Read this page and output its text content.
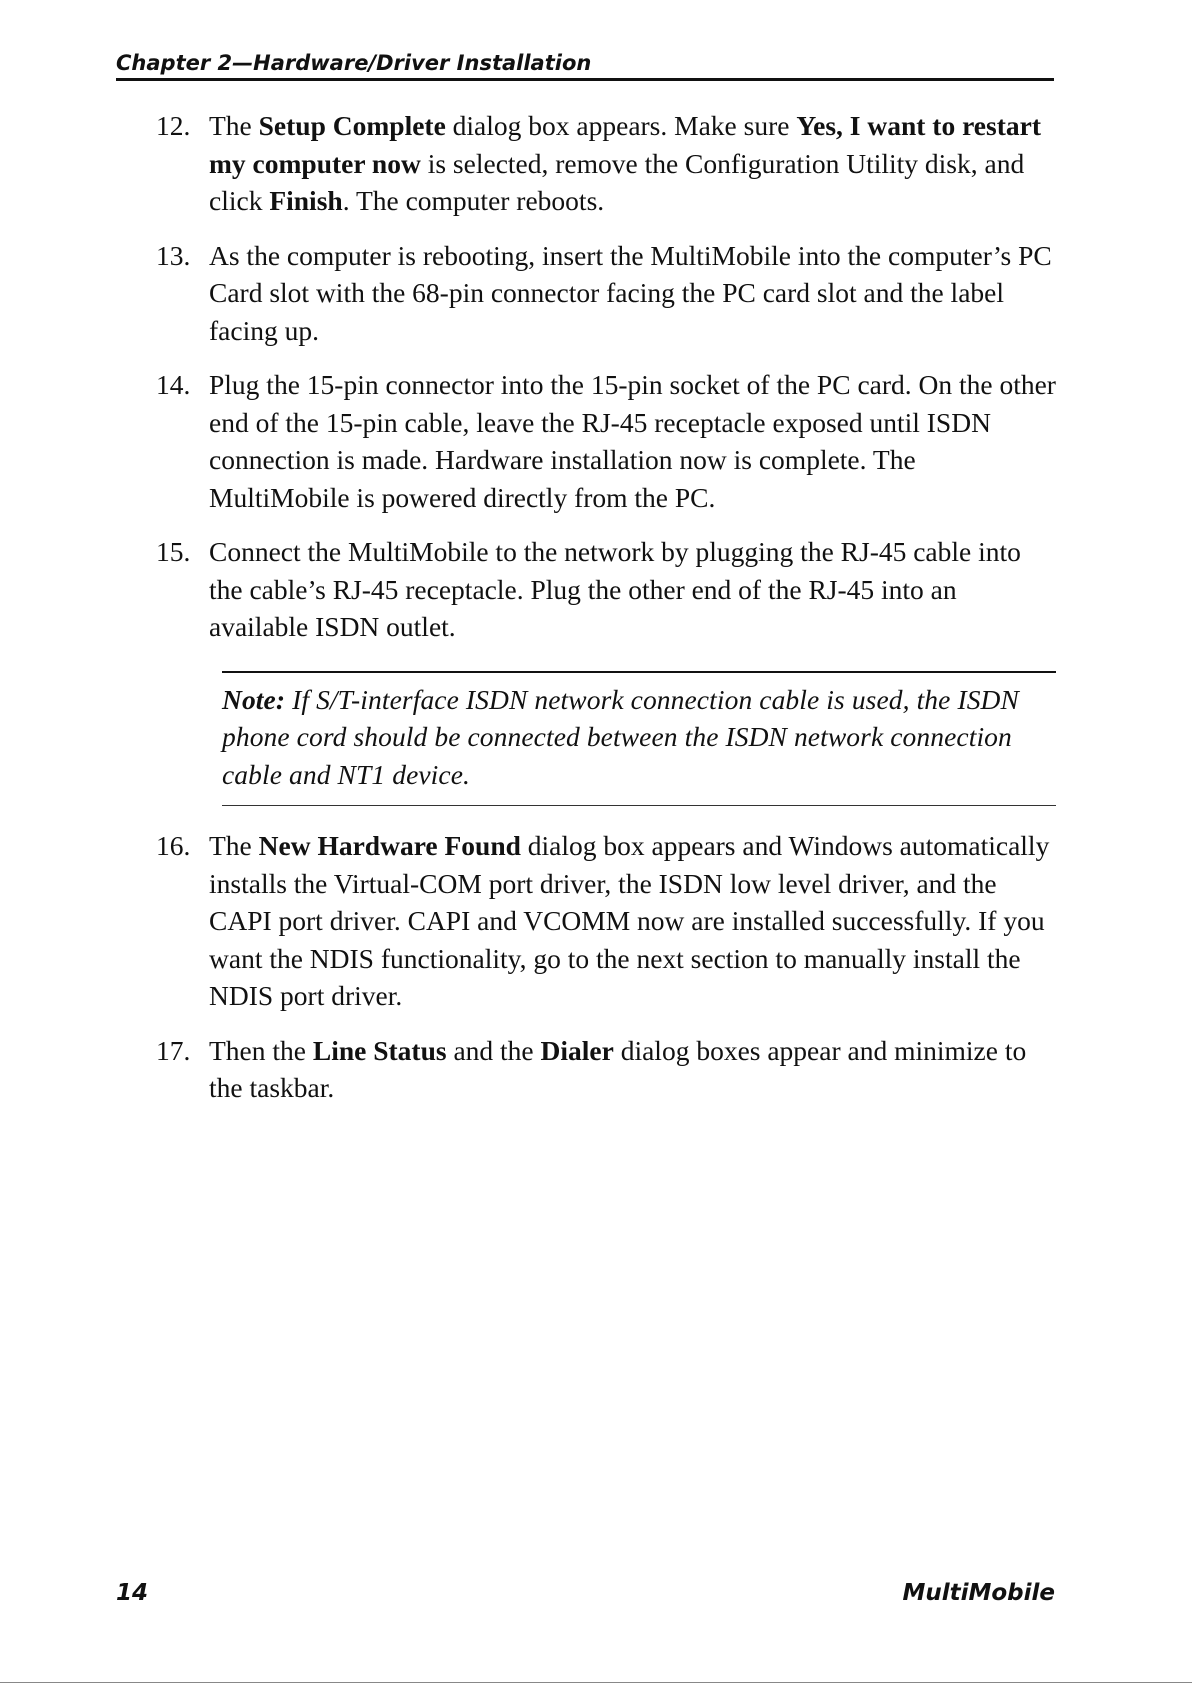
Chapter 2—Hardware/Driver Installation
12. The Setup Complete dialog box appears. Make sure Yes, I want to restart my computer now is selected, remove the Configuration Utility disk, and click Finish. The computer reboots.
13. As the computer is rebooting, insert the MultiMobile into the computer’s PC Card slot with the 68-pin connector facing the PC card slot and the label facing up.
14. Plug the 15-pin connector into the 15-pin socket of the PC card. On the other end of the 15-pin cable, leave the RJ-45 receptacle exposed until ISDN connection is made. Hardware installation now is complete. The MultiMobile is powered directly from the PC.
15. Connect the MultiMobile to the network by plugging the RJ-45 cable into the cable’s RJ-45 receptacle. Plug the other end of the RJ-45 into an available ISDN outlet.
Note: If S/T-interface ISDN network connection cable is used, the ISDN phone cord should be connected between the ISDN network connection cable and NT1 device.
16. The New Hardware Found dialog box appears and Windows automatically installs the Virtual-COM port driver, the ISDN low level driver, and the CAPI port driver. CAPI and VCOMM now are installed successfully. If you want the NDIS functionality, go to the next section to manually install the NDIS port driver.
17. Then the Line Status and the Dialer dialog boxes appear and minimize to the taskbar.
14	MultiMobile
